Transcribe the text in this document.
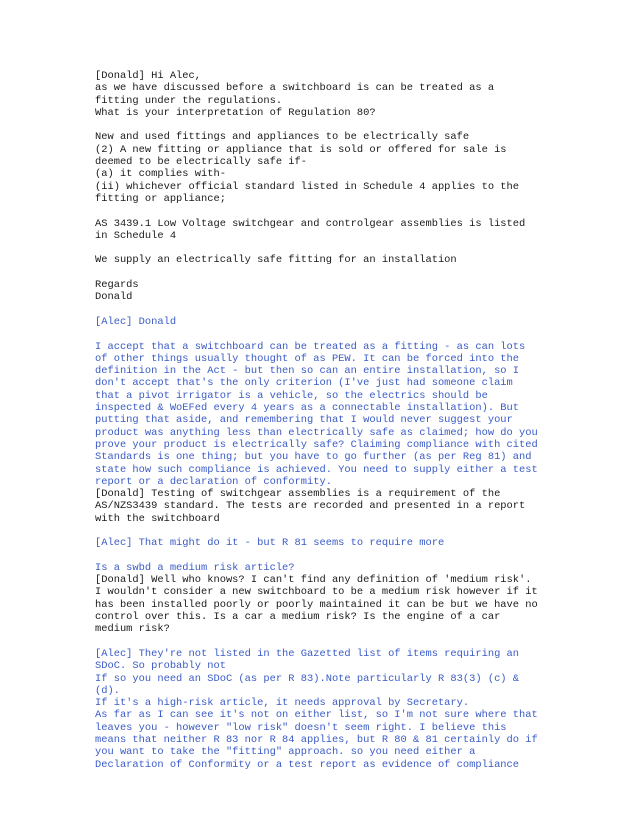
[Donald] Hi Alec,
as we have discussed before a switchboard is can be treated as a
fitting under the regulations.
What is your interpretation of Regulation 80?
New and used fittings and appliances to be electrically safe
(2) A new fitting or appliance that is sold or offered for sale is
deemed to be electrically safe if-
(a) it complies with-
(ii) whichever official standard listed in Schedule 4 applies to the
fitting or appliance;
AS 3439.1 Low Voltage switchgear and controlgear assemblies is listed
in Schedule 4
We supply an electrically safe fitting for an installation
Regards
Donald
[Alec] Donald
I accept that a switchboard can be treated as a fitting - as can lots
of other things usually thought of as PEW. It can be forced into the
definition in the Act - but then so can an entire installation, so I
don't accept that's the only criterion (I've just had someone claim
that a pivot irrigator is a vehicle, so the electrics should be
inspected & WoEFed every 4 years as a connectable installation). But
putting that aside, and remembering that I would never suggest your
product was anything less than electrically safe as claimed; how do you
prove your product is electrically safe? Claiming compliance with cited
Standards is one thing; but you have to go further (as per Reg 81) and
state how such compliance is achieved. You need to supply either a test
report or a declaration of conformity.
[Donald] Testing of switchgear assemblies is a requirement of the
AS/NZS3439 standard. The tests are recorded and presented in a report
with the switchboard
[Alec] That might do it - but R 81 seems to require more
Is a swbd a medium risk article?
[Donald] Well who knows? I can't find any definition of 'medium risk'.
I wouldn't consider a new switchboard to be a medium risk however if it
has been installed poorly or poorly maintained it can be but we have no
control over this. Is a car a medium risk? Is the engine of a car
medium risk?
[Alec] They're not listed in the Gazetted list of items requiring an
SDoC. So probably not
If so you need an SDoC (as per R 83).Note particularly R 83(3) (c) &
(d).
If it's a high-risk article, it needs approval by Secretary.
As far as I can see it's not on either list, so I'm not sure where that
leaves you - however "low risk" doesn't seem right. I believe this
means that neither R 83 nor R 84 applies, but R 80 & 81 certainly do if
you want to take the "fitting" approach. so you need either a
Declaration of Conformity or a test report as evidence of compliance
